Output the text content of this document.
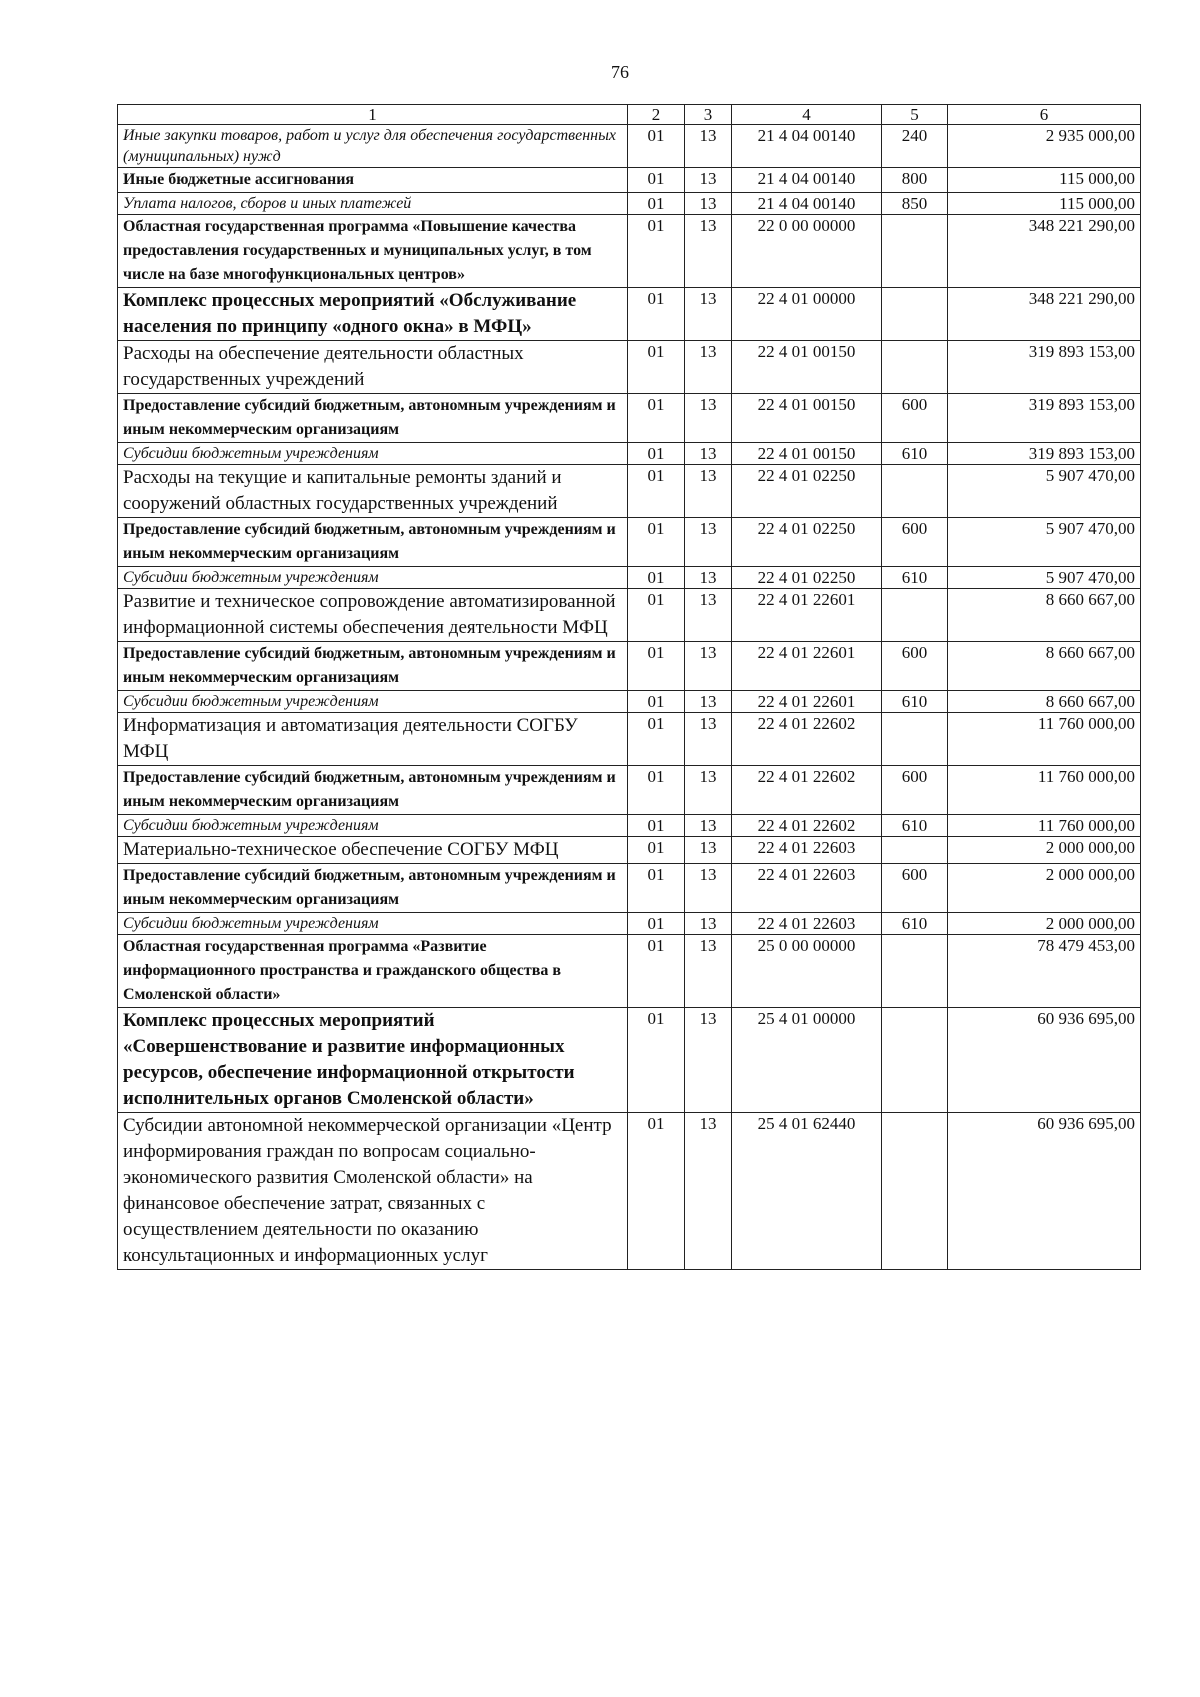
76
1	2	3	4	5	6
Иные закупки товаров, работ и услуг для обеспечения государственных (муниципальных) нужд	01	13	21 4 04 00140	240	2 935 000,00
Иные бюджетные ассигнования	01	13	21 4 04 00140	800	115 000,00
Уплата налогов, сборов и иных платежей	01	13	21 4 04 00140	850	115 000,00
Областная государственная программа «Повышение качества предоставления государственных и муниципальных услуг, в том числе на базе многофункциональных центров»	01	13	22 0 00 00000		348 221 290,00
Комплекс процессных мероприятий «Обслуживание населения по принципу «одного окна» в МФЦ»	01	13	22 4 01 00000		348 221 290,00
Расходы на обеспечение деятельности областных государственных учреждений	01	13	22 4 01 00150		319 893 153,00
Предоставление субсидий бюджетным, автономным учреждениям и иным некоммерческим организациям	01	13	22 4 01 00150	600	319 893 153,00
Субсидии бюджетным учреждениям	01	13	22 4 01 00150	610	319 893 153,00
Расходы на текущие и капитальные ремонты зданий и сооружений областных государственных учреждений	01	13	22 4 01 02250		5 907 470,00
Предоставление субсидий бюджетным, автономным учреждениям и иным некоммерческим организациям	01	13	22 4 01 02250	600	5 907 470,00
Субсидии бюджетным учреждениям	01	13	22 4 01 02250	610	5 907 470,00
Развитие и техническое сопровождение автоматизированной информационной системы обеспечения деятельности МФЦ	01	13	22 4 01 22601		8 660 667,00
Предоставление субсидий бюджетным, автономным учреждениям и иным некоммерческим организациям	01	13	22 4 01 22601	600	8 660 667,00
Субсидии бюджетным учреждениям	01	13	22 4 01 22601	610	8 660 667,00
Информатизация и автоматизация деятельности СОГБУ МФЦ	01	13	22 4 01 22602		11 760 000,00
Предоставление субсидий бюджетным, автономным учреждениям и иным некоммерческим организациям	01	13	22 4 01 22602	600	11 760 000,00
Субсидии бюджетным учреждениям	01	13	22 4 01 22602	610	11 760 000,00
Материально-техническое обеспечение СОГБУ МФЦ	01	13	22 4 01 22603		2 000 000,00
Предоставление субсидий бюджетным, автономным учреждениям и иным некоммерческим организациям	01	13	22 4 01 22603	600	2 000 000,00
Субсидии бюджетным учреждениям	01	13	22 4 01 22603	610	2 000 000,00
Областная государственная программа «Развитие информационного пространства и гражданского общества в Смоленской области»	01	13	25 0 00 00000		78 479 453,00
Комплекс процессных мероприятий «Совершенствование и развитие информационных ресурсов, обеспечение информационной открытости исполнительных органов Смоленской области»	01	13	25 4 01 00000		60 936 695,00
Субсидии автономной некоммерческой организации «Центр информирования граждан по вопросам социально-экономического развития Смоленской области» на финансовое обеспечение затрат, связанных с осуществлением деятельности по оказанию консультационных и информационных услуг	01	13	25 4 01 62440		60 936 695,00
